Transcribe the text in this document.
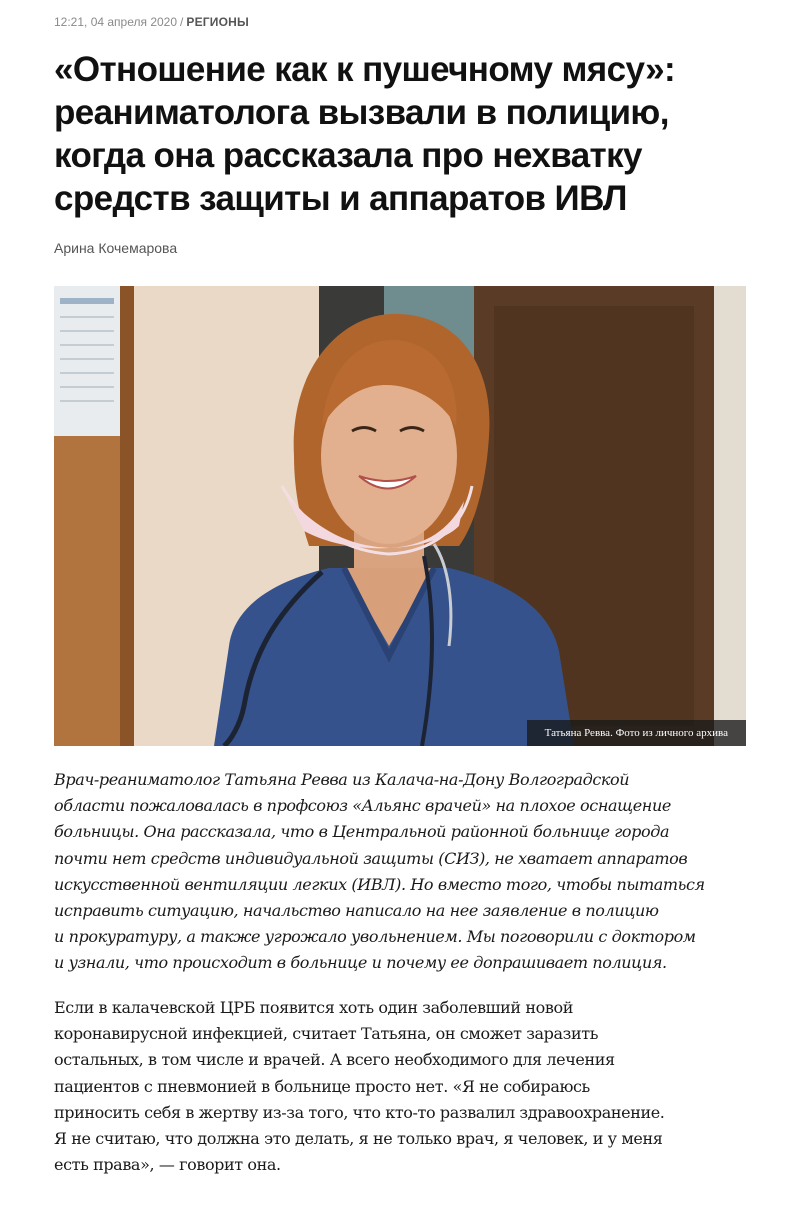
12:21, 04 апреля 2020 / РЕГИОНЫ
«Отношение как к пушечному мясу»:
реаниматолога вызвали в полицию,
когда она рассказала про нехватку
средств защиты и аппаратов ИВЛ
Арина Кочемарова
Татьяна Ревва. Фото из личного архива

Врач-реаниматолог Татьяна Ревва из Калача-на-Дону Волгоградской
области пожаловалась в профсоюз «Альянс врачей» на плохое оснащение
больницы. Она рассказала, что в Центральной районной больнице города
почти нет средств индивидуальной защиты (СИЗ), не хватает аппаратов
искусственной вентиляции легких (ИВЛ). Но вместо того, чтобы пытаться
исправить ситуацию, начальство написало на нее заявление в полицию
и прокуратуру, а также угрожало увольнением. Мы поговорили с доктором
и узнали, что происходит в больнице и почему ее допрашивает полиция.

Если в калачевской ЦРБ появится хоть один заболевший новой
коронавирусной инфекцией, считает Татьяна, он сможет заразить
остальных, в том числе и врачей. А всего необходимого для лечения
пациентов с пневмонией в больнице просто нет. «Я не собираюсь
приносить себя в жертву из-за того, что кто-то развалил здравоохранение.
Я не считаю, что должна это делать, я не только врач, я человек, и у меня
есть права», — говорит она.
